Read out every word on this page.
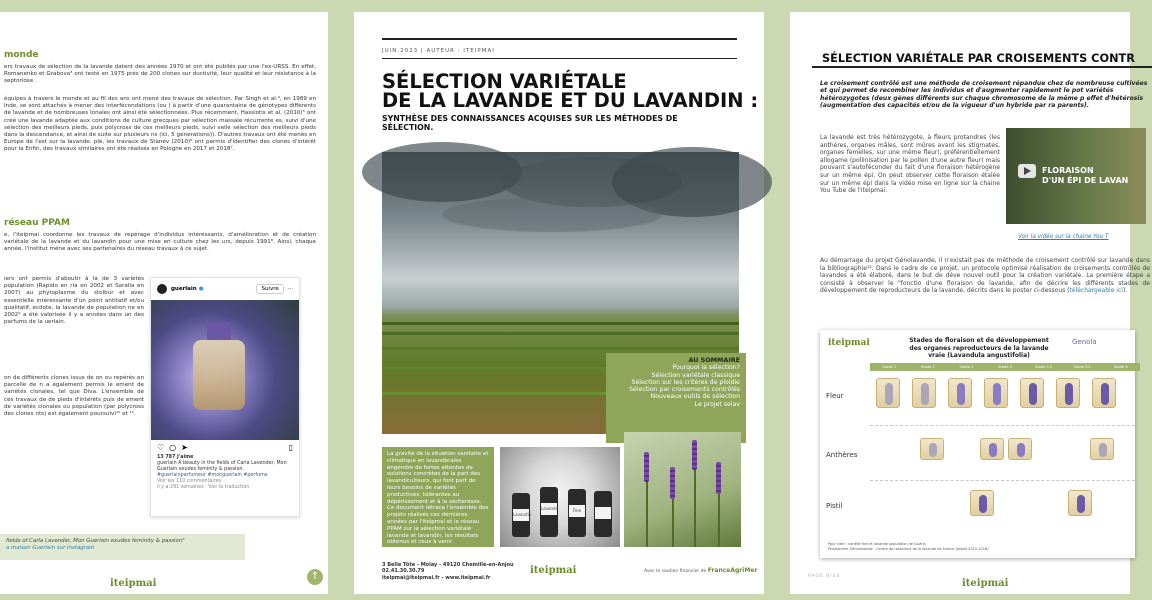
monde
ers travaux de sélection de la lavande datent des années 1970 et ont été publiés par une l'ex-URSS. En effet, Romanenko et Grabova³ ont testé en 1975 près de 200 clones sur ductivité, leur qualité et leur résistance à la septoriose.
équipes à travers le monde et au fil des ans ont mené des travaux de sélection. Par Singh et al.⁴, en 1989 en Inde, se sont attachés à mener des interfécondations (ou ) à partir d'une quarantaine de génotypes différents de lavande et de nombreuses lonales ont ainsi été sélectionnées. Plus récemment, Hassiotis et al. (2010)⁵ ont créé une lavande adaptée aux conditions de culture grecques par sélection massale récurrente es, suivi d'une sélection des meilleurs pieds, puis polycross de ces meilleurs pieds, suivi velle sélection des meilleurs pieds dans la descendance, et ainsi de suite sur plusieurs ns (ici, 5 générations)). D'autres travaux ont été menés en Europe de l'est sur la lavande. ple, les travaux de Stanev (2010)⁶ ont permis d'identifier des clones d'intérêt pour la Enfin, des travaux similaires ont été réalisés en Pologne en 2017 et 2018⁷.
réseau PPAM
e, l'iteipmai coordonne les travaux de repérage d'individus intéressants, d'amélioration et de création variétale de la lavande et du lavandin pour une mise en culture chez les urs, depuis 1991⁸. Ainsi, chaque année, l'institut mène avec ses partenaires du réseau travaux à ce sujet.
iers ont permis d'aboutir à la de 3 variétés population (Rapido en ria en 2002 et Saralia en 2007) au phytoplasme du stolbur et avec essentielle intéressante d'un point antitatif et/ou qualitatif. ecdote, la lavande de population ne en 2002⁹ a été valorisée il y a années dans un des parfums de la uerlain.
on de différents clones issus de on ou repérés en parcelle de n a également permis le ement de variétés clonales, tel que Diva. L'ensemble de ces travaux de de pieds d'intérêts puis de ement de variétés clonales ou population (par polycross des clones nts) est également poursuivi¹⁰ et ¹¹.
guerlain ●	Suivre	···
♡ ○ ➤	▯
13 787 J'aime
guerlain A beauty in the fields of Carla Lavender, Mon Guerlain exudes feminity & passion.
#guerlainparfumeur #monguerlain #perfume
Voir les 110 commentaires
il y a 291 semaines · Voir la traduction
fields of Carla Lavender, Mon Guerlain exudes feminity & passion"
a maison Guerlain sur Instagram
iteipmai
↑
JUIN 2023 | AUTEUR : ITEIPMAI
SÉLECTION VARIÉTALE
DE LA LAVANDE ET DU LAVANDIN :
SYNTHÈSE DES CONNAISSANCES ACQUISES SUR LES MÉTHODES DE SÉLECTION.
AU SOMMAIRE
Pourquoi la sélection?
Sélection variétale classique
Sélection sur les critères de ploidie
Sélection par croisements contrôlés
Nouveaux outils de sélection
Le projet selav
La gravité de la situation sanitaire et climatique en lavanderaies engendre de fortes attentes de solutions concrètes de la part des lavandiculteurs, qui font part de leurs besoins de variétés productives, tolérantes au dépérissement et à la sécheresse. Ce document retrace l'ensemble des projets réalisés ces dernières années par l'iteipmai et le réseau PPAM sur la sélection variétale lavande et lavandin, les résultats obtenus et ceux à venir.
Lavandin
Lavande	Fine
3 Belle Tôte - Molay - 49120 Chemillé-en-Anjou
02.41.30.30.79
iteipmai@iteipmai.fr - www.iteipmai.fr
iteipmai	Avec le soutien financier de FranceAgriMer
SÉLECTION VARIÉTALE PAR CROISEMENTS CONTR
Le croisement contrôlé est une méthode de croisement répandue chez de nombreuse cultivées et qui permet de recombiner les individus et d'augmenter rapidement le pot variétés hétérozygotes (deux gènes différents sur chaque chromosome de la même p effet d'hétérosis (augmentation des capacités et/ou de la vigueur d'un hybride par ra parents).
La lavande est très hétérozygote, à fleurs protandres (les anthères, organes mâles, sont mûres avant les stigmates, organes femelles, sur une même fleur), préférentiellement allogame (pollinisation par le pollen d'une autre fleur) mais pouvant s'autoféconder du fait d'une floraison hétérogène sur un même épi. On peut observer cette floraison étalée sur un même épi dans la vidéo mise en ligne sur la chaine You Tube de l'iteipmai.
FLORAISON
D'UN ÉPI DE LAVAN
Voir la vidéo sur la chaine You T
Au démarrage du projet Génolavande, il n'existait pas de méthode de croisement contrôlé sur lavande dans la bibliographie¹². Dans le cadre de ce projet, un protocole optimisé réalisation de croisements contrôlés de lavandes a été élaboré, dans le but de déve nouvel outil pour la création variétale. La première étape a consisté à observer le "fonctio d'une floraison de lavande, afin de décrire les différents stades de développement de reproducteurs de la lavande, décrits dans le poster ci-dessous (téléchargeable ici).
iteipmai	Stades de floraison et de développement des organes reproducteurs de la lavande vraie (Lavandula angustifolia)
Genola
Stade 1	Stade 2	Stade 3	Stade 4	Stade 5.1	Stade 5.2	Stade 6
Fleur
Anthères
Pistil
Pour citer : variété fine et lavande population de Guérin
Programme Génolavande - Centre de ressource de la lavande de France (projet 2015-2018)
PAGE 8/14
iteipmai
